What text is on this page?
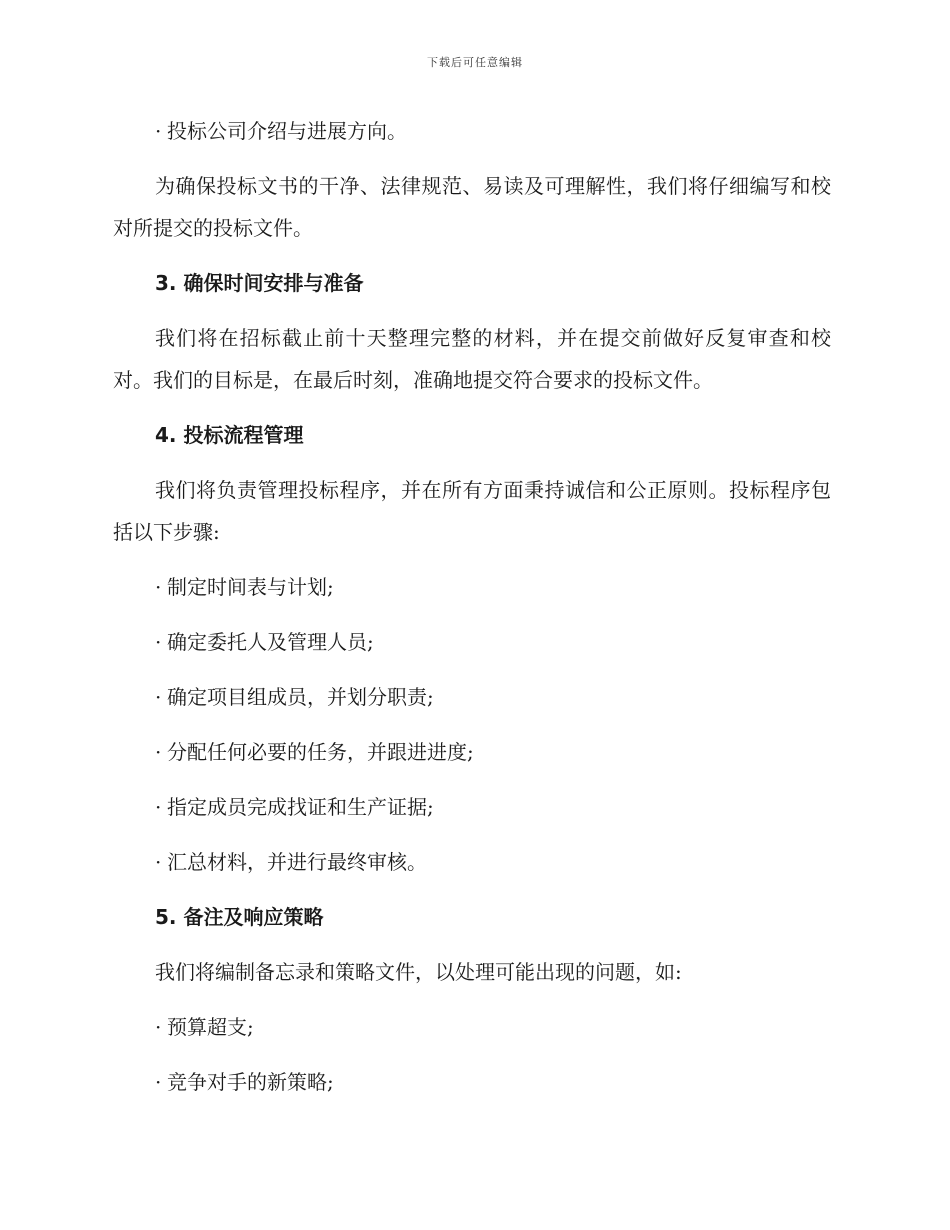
下载后可任意编辑
· 投标公司介绍与进展方向。

为确保投标文书的干净、法律规范、易读及可理解性，我们将仔细编写和校对所提交的投标文件。

3. 确保时间安排与准备

我们将在招标截止前十天整理完整的材料，并在提交前做好反复审查和校对。我们的目标是，在最后时刻，准确地提交符合要求的投标文件。

4. 投标流程管理

我们将负责管理投标程序，并在所有方面秉持诚信和公正原则。投标程序包括以下步骤:

· 制定时间表与计划;
· 确定委托人及管理人员;
· 确定项目组成员，并划分职责;
· 分配任何必要的任务，并跟进进度;
· 指定成员完成找证和生产证据;
· 汇总材料，并进行最终审核。
5. 备注及响应策略

我们将编制备忘录和策略文件，以处理可能出现的问题，如:

· 预算超支;
· 竞争对手的新策略;
